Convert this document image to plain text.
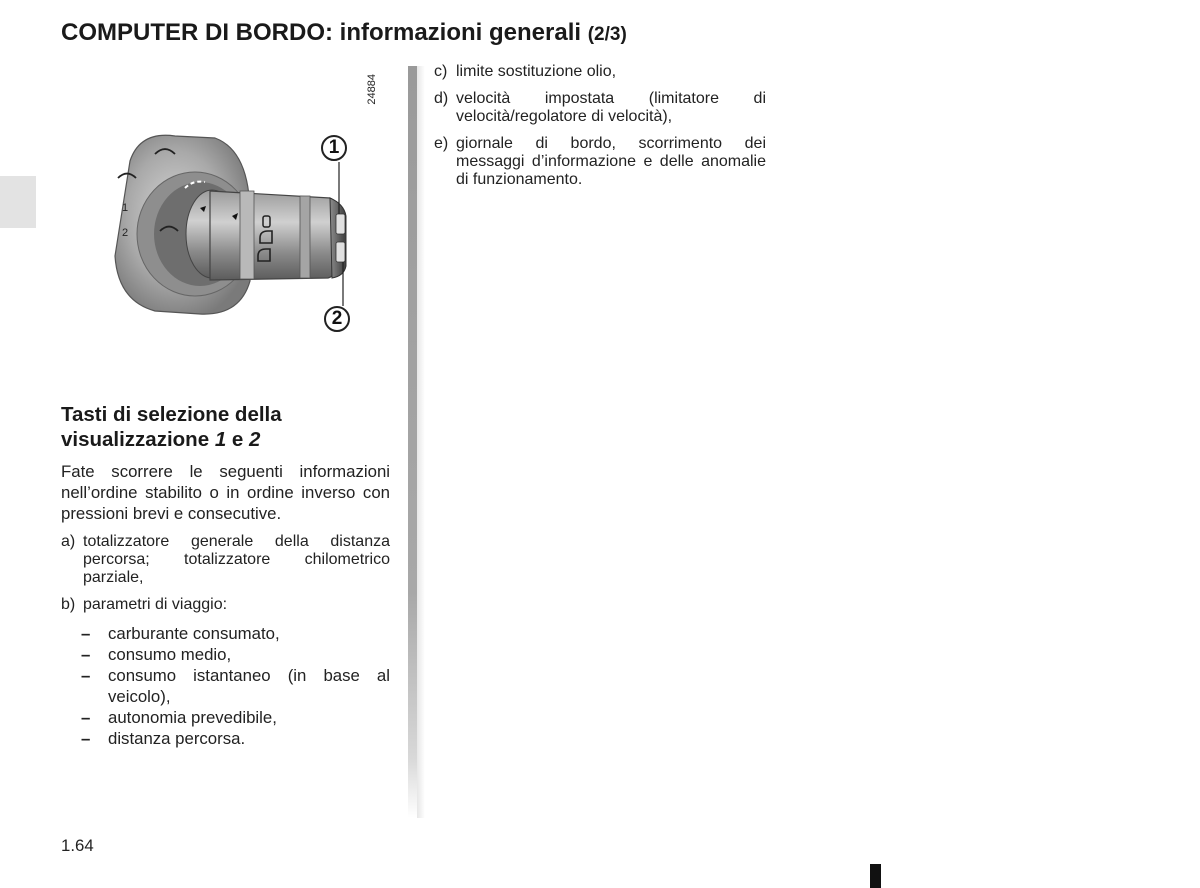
COMPUTER DI BORDO: informazioni generali (2/3)
1
2
24884
1
2
Tasti di selezione della visualizzazione 1 e 2

Fate scorrere le seguenti informazioni nell’ordine stabilito o in ordine inverso con pressioni brevi e consecutive.

a) totalizzatore generale della distanza percorsa; totalizzatore chilometrico parziale,
b) parametri di viaggio:
–	carburante consumato,
–	consumo medio,
–	consumo istantaneo (in base al veicolo),
–	autonomia prevedibile,
–	distanza percorsa.
c) limite sostituzione olio,
d) velocità impostata (limitatore di velocità/regolatore di velocità),
e) giornale di bordo, scorrimento dei messaggi d’informazione e delle anomalie di funzionamento.
1.64
